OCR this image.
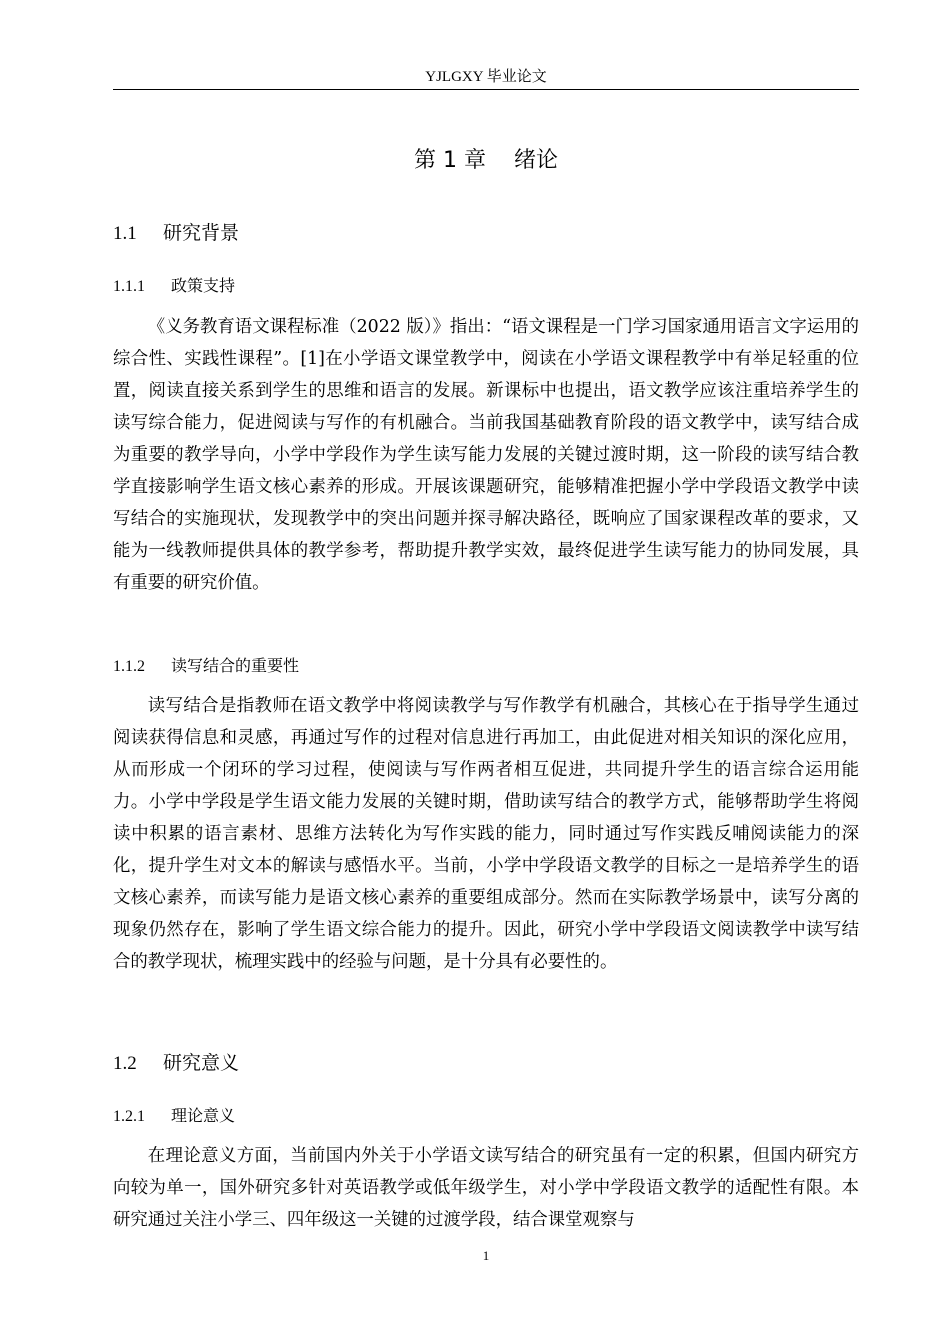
YJLGXY 毕业论文
第 1 章 绪论
1.1 研究背景
1.1.1 政策支持

《义务教育语文课程标准（2022 版）》指出：“语文课程是一门学习国家通用语言文字运用的综合性、实践性课程”。[1]在小学语文课堂教学中，阅读在小学语文课程教学中有举足轻重的位置，阅读直接关系到学生的思维和语言的发展。新课标中也提出，语文教学应该注重培养学生的读写综合能力，促进阅读与写作的有机融合。当前我国基础教育阶段的语文教学中，读写结合成为重要的教学导向，小学中学段作为学生读写能力发展的关键过渡时期，这一阶段的读写结合教学直接影响学生语文核心素养的形成。开展该课题研究，能够精准把握小学中学段语文教学中读写结合的实施现状，发现教学中的突出问题并探寻解决路径，既响应了国家课程改革的要求，又能为一线教师提供具体的教学参考，帮助提升教学实效，最终促进学生读写能力的协同发展，具有重要的研究价值。

1.1.2 读写结合的重要性

读写结合是指教师在语文教学中将阅读教学与写作教学有机融合，其核心在于指导学生通过阅读获得信息和灵感，再通过写作的过程对信息进行再加工，由此促进对相关知识的深化应用，从而形成一个闭环的学习过程，使阅读与写作两者相互促进，共同提升学生的语言综合运用能力。小学中学段是学生语文能力发展的关键时期，借助读写结合的教学方式，能够帮助学生将阅读中积累的语言素材、思维方法转化为写作实践的能力，同时通过写作实践反哺阅读能力的深化，提升学生对文本的解读与感悟水平。当前，小学中学段语文教学的目标之一是培养学生的语文核心素养，而读写能力是语文核心素养的重要组成部分。然而在实际教学场景中，读写分离的现象仍然存在，影响了学生语文综合能力的提升。因此，研究小学中学段语文阅读教学中读写结合的教学现状，梳理实践中的经验与问题，是十分具有必要性的。

1.2 研究意义
1.2.1 理论意义

在理论意义方面，当前国内外关于小学语文读写结合的研究虽有一定的积累，但国内研究方向较为单一，国外研究多针对英语教学或低年级学生，对小学中学段语文教学的适配性有限。本研究通过关注小学三、四年级这一关键的过渡学段，结合课堂观察与

1
